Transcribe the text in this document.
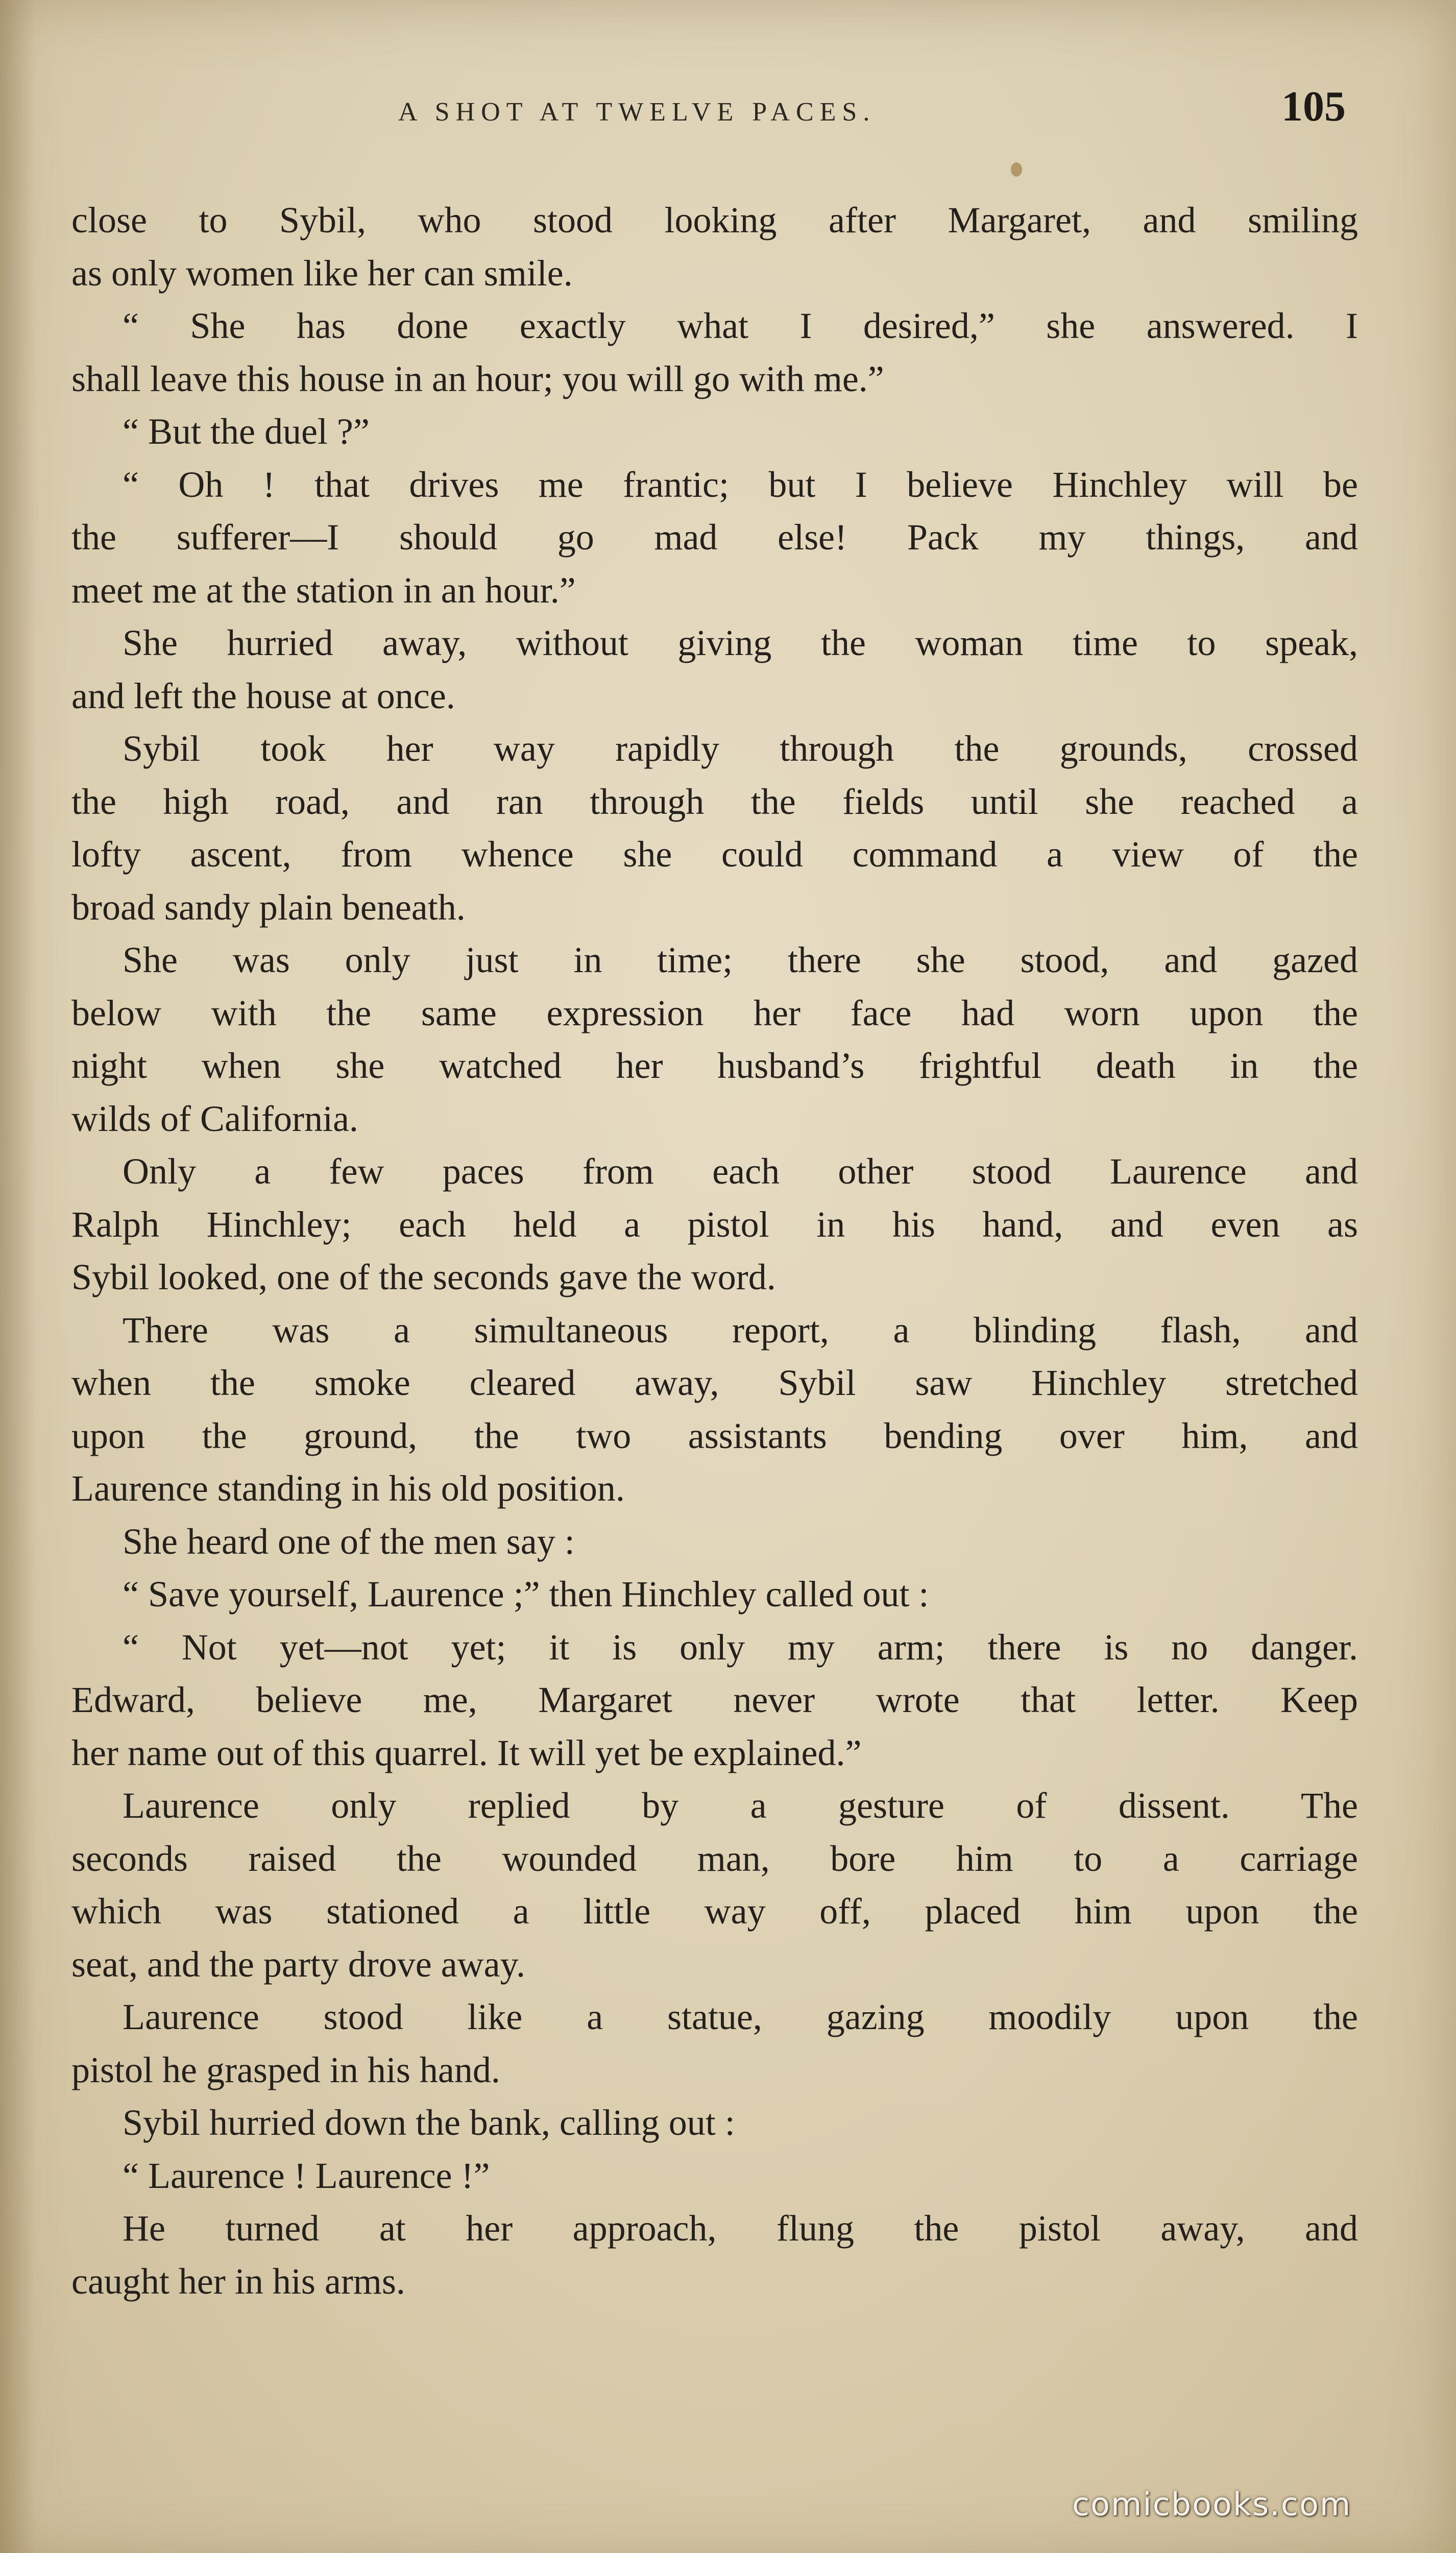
A SHOT AT TWELVE PACES.	105
close to Sybil, who stood looking after Margaret, and smiling
as only women like her can smile.
“ She has done exactly what I desired,” she answered. I
shall leave this house in an hour; you will go with me.”
“ But the duel ?”
“ Oh ! that drives me frantic; but I believe Hinchley will be
the sufferer—I should go mad else! Pack my things, and
meet me at the station in an hour.”
She hurried away, without giving the woman time to speak,
and left the house at once.
Sybil took her way rapidly through the grounds, crossed
the high road, and ran through the fields until she reached a
lofty ascent, from whence she could command a view of the
broad sandy plain beneath.
She was only just in time; there she stood, and gazed
below with the same expression her face had worn upon the
night when she watched her husband’s frightful death in the
wilds of California.
Only a few paces from each other stood Laurence and
Ralph Hinchley; each held a pistol in his hand, and even as
Sybil looked, one of the seconds gave the word.
There was a simultaneous report, a blinding flash, and
when the smoke cleared away, Sybil saw Hinchley stretched
upon the ground, the two assistants bending over him, and
Laurence standing in his old position.
She heard one of the men say :
“ Save yourself, Laurence ;” then Hinchley called out :
“ Not yet—not yet; it is only my arm; there is no danger.
Edward, believe me, Margaret never wrote that letter. Keep
her name out of this quarrel. It will yet be explained.”
Laurence only replied by a gesture of dissent. The
seconds raised the wounded man, bore him to a carriage
which was stationed a little way off, placed him upon the
seat, and the party drove away.
Laurence stood like a statue, gazing moodily upon the
pistol he grasped in his hand.
Sybil hurried down the bank, calling out :
“ Laurence ! Laurence !”
He turned at her approach, flung the pistol away, and
caught her in his arms.
comicbooks.com
